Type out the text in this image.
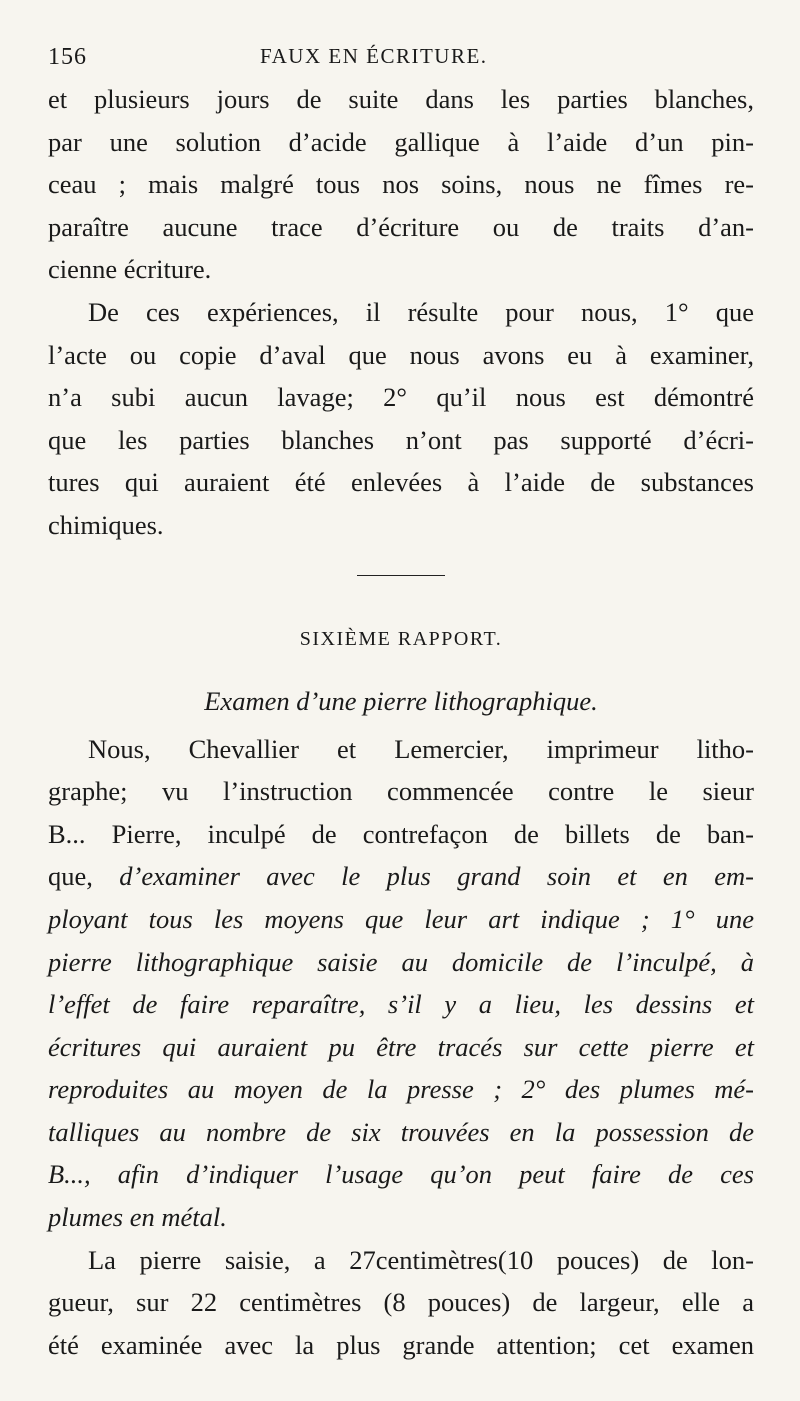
156	FAUX EN ÉCRITURE.
et plusieurs jours de suite dans les parties blanches,
par une solution d’acide gallique à l’aide d’un pin-
ceau ; mais malgré tous nos soins, nous ne fîmes re-
paraître aucune trace d’écriture ou de traits d’an-
cienne écriture.
De ces expériences, il résulte pour nous, 1° que
l’acte ou copie d’aval que nous avons eu à examiner,
n’a subi aucun lavage; 2° qu’il nous est démontré
que les parties blanches n’ont pas supporté d’écri-
tures qui auraient été enlevées à l’aide de substances
chimiques.
SIXIÈME RAPPORT.
Examen d’une pierre lithographique.
Nous, Chevallier et Lemercier, imprimeur litho-
graphe; vu l’instruction commencée contre le sieur
B... Pierre, inculpé de contrefaçon de billets de ban-
que, d’examiner avec le plus grand soin et en em-
ployant tous les moyens que leur art indique ; 1° une
pierre lithographique saisie au domicile de l’inculpé, à
l’effet de faire reparaître, s’il y a lieu, les dessins et
écritures qui auraient pu être tracés sur cette pierre et
reproduites au moyen de la presse ; 2° des plumes mé-
talliques au nombre de six trouvées en la possession de
B..., afin d’indiquer l’usage qu’on peut faire de ces
plumes en métal.
La pierre saisie, a 27centimètres(10 pouces) de lon-
gueur, sur 22 centimètres (8 pouces) de largeur, elle a
été examinée avec la plus grande attention; cet examen
